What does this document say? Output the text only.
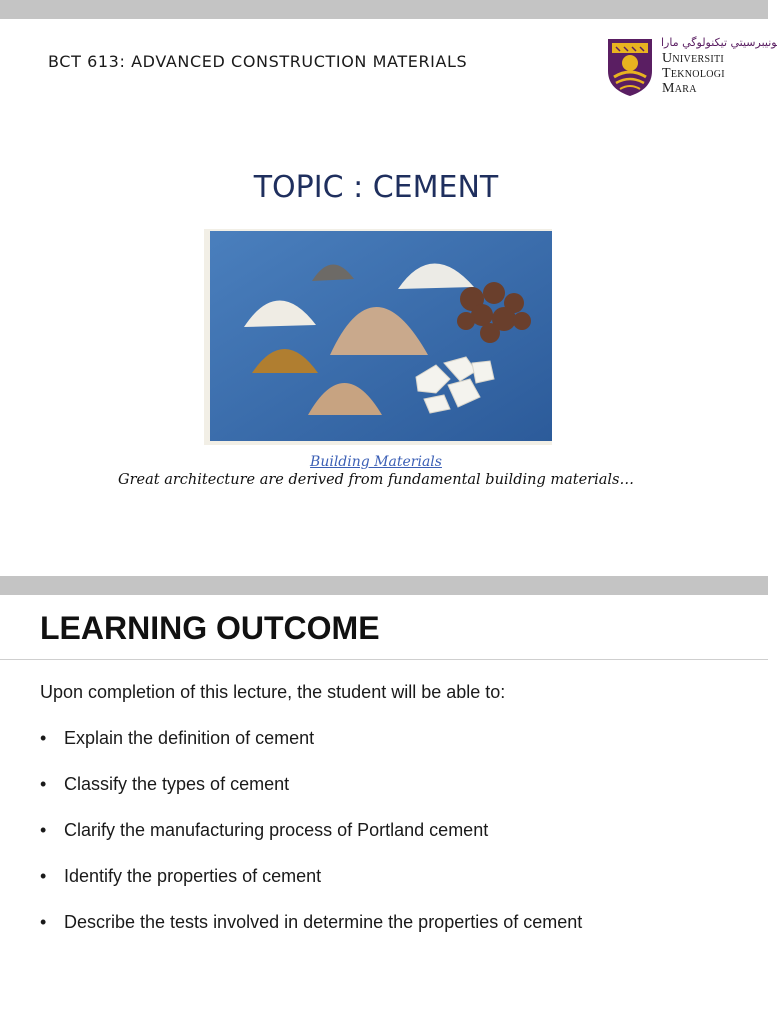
BCT 613: ADVANCED CONSTRUCTION MATERIALS
ﻮﻧﻴﺒﺮﺳﻴﺘﻲ ﺗﻴﻜﻨﻮﻟﻮﮔﻲ ﻣﺎرا
Universiti
Teknologi
Mara
TOPIC : CEMENT
Building Materials
Great architecture are derived from fundamental building materials…
LEARNING OUTCOME
Upon completion of this lecture, the student will be able to:
• Explain the definition of cement
• Classify the types of cement
• Clarify the manufacturing process of Portland cement
• Identify the properties of cement
• Describe the tests involved in determine the properties of cement
